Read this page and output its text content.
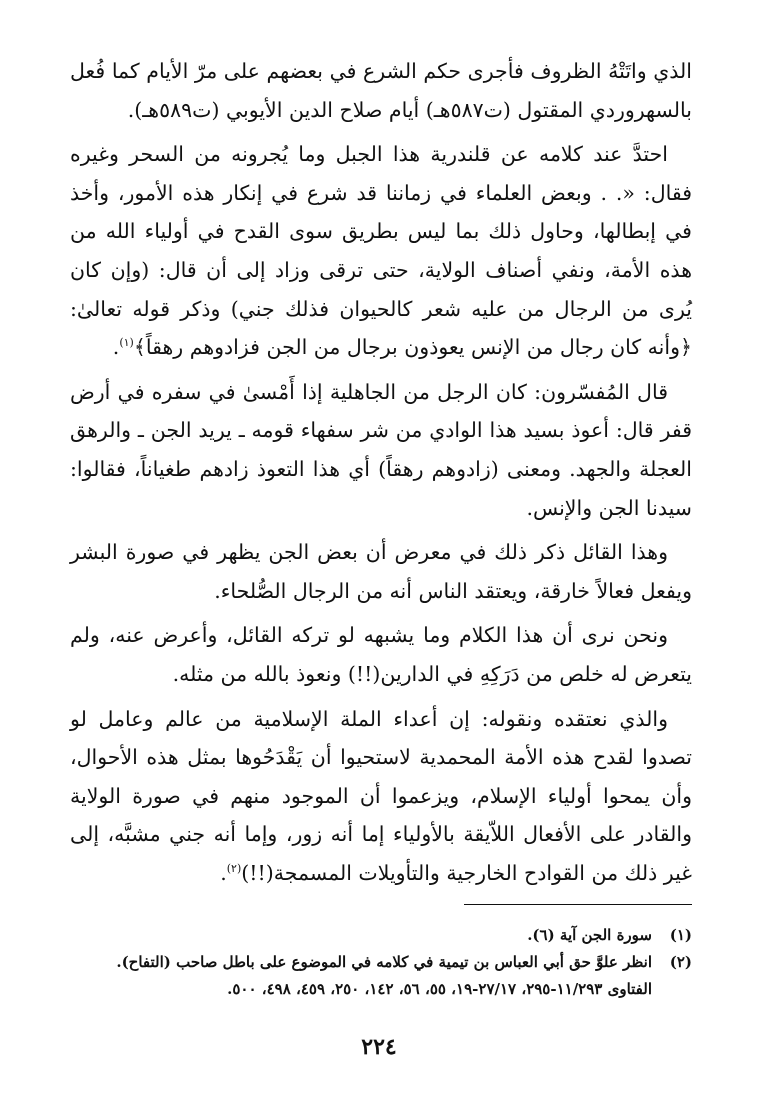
الذي واتَتْهُ الظروف فأجرى حكم الشرع في بعضهم على مرّ الأيام كما فُعل بالسهروردي المقتول (ت٥٨٧هـ) أيام صلاح الدين الأيوبي (ت٥٨٩هـ).

احتدَّ عند كلامه عن قلندرية هذا الجبل وما يُجرونه من السحر وغيره فقال: «. . وبعض العلماء في زماننا قد شرع في إنكار هذه الأمور، وأخذ في إبطالها، وحاول ذلك بما ليس بطريق سوى القدح في أولياء الله من هذه الأمة، ونفي أصناف الولاية، حتى ترقى وزاد إلى أن قال: (وإن كان يُرى من الرجال من عليه شعر كالحيوان فذلك جني) وذكر قوله تعالىٰ: ﴿وأنه كان رجال من الإنس يعوذون برجال من الجن فزادوهم رهقاً﴾$^{(١)}$.

قال المُفسّرون: كان الرجل من الجاهلية إذا أَمْسىٰ في سفره في أرض قفر قال: أعوذ بسيد هذا الوادي من شر سفهاء قومه ـ يريد الجن ـ والرهق العجلة والجهد. ومعنى (زادوهم رهقاً) أي هذا التعوذ زادهم طغياناً، فقالوا: سيدنا الجن والإنس.

وهذا القائل ذكر ذلك في معرض أن بعض الجن يظهر في صورة البشر ويفعل فعالاً خارقة، ويعتقد الناس أنه من الرجال الصُّلحاء.

ونحن نرى أن هذا الكلام وما يشبهه لو تركه القائل، وأعرض عنه، ولم يتعرض له خلص من دَرَكِهِ في الدارين(!!) ونعوذ بالله من مثله.

والذي نعتقده ونقوله: إن أعداء الملة الإسلامية من عالم وعامل لو تصدوا لقدح هذه الأمة المحمدية لاستحيوا أن يَقْدَحُوها بمثل هذه الأحوال، وأن يمحوا أولياء الإسلام، ويزعموا أن الموجود منهم في صورة الولاية والقادر على الأفعال اللاّيقة بالأولياء إما أنه زور، وإما أنه جني مشبَّه، إلى غير ذلك من القوادح الخارجية والتأويلات المسمجة(!!)$^{(٢)}$.

(١)
سورة الجن آية (٦).
(٢)
انظر علوَّ حق أبي العباس بن تيمية في كلامه في الموضوع على باطل صاحب (التفاح). الفتاوى ١١/٢٩٣-٢٩٥، ٢٧/١٧-١٩، ٥٥، ٥٦، ١٤٢، ٢٥٠، ٤٥٩، ٤٩٨، ٥٠٠.
٢٢٤
